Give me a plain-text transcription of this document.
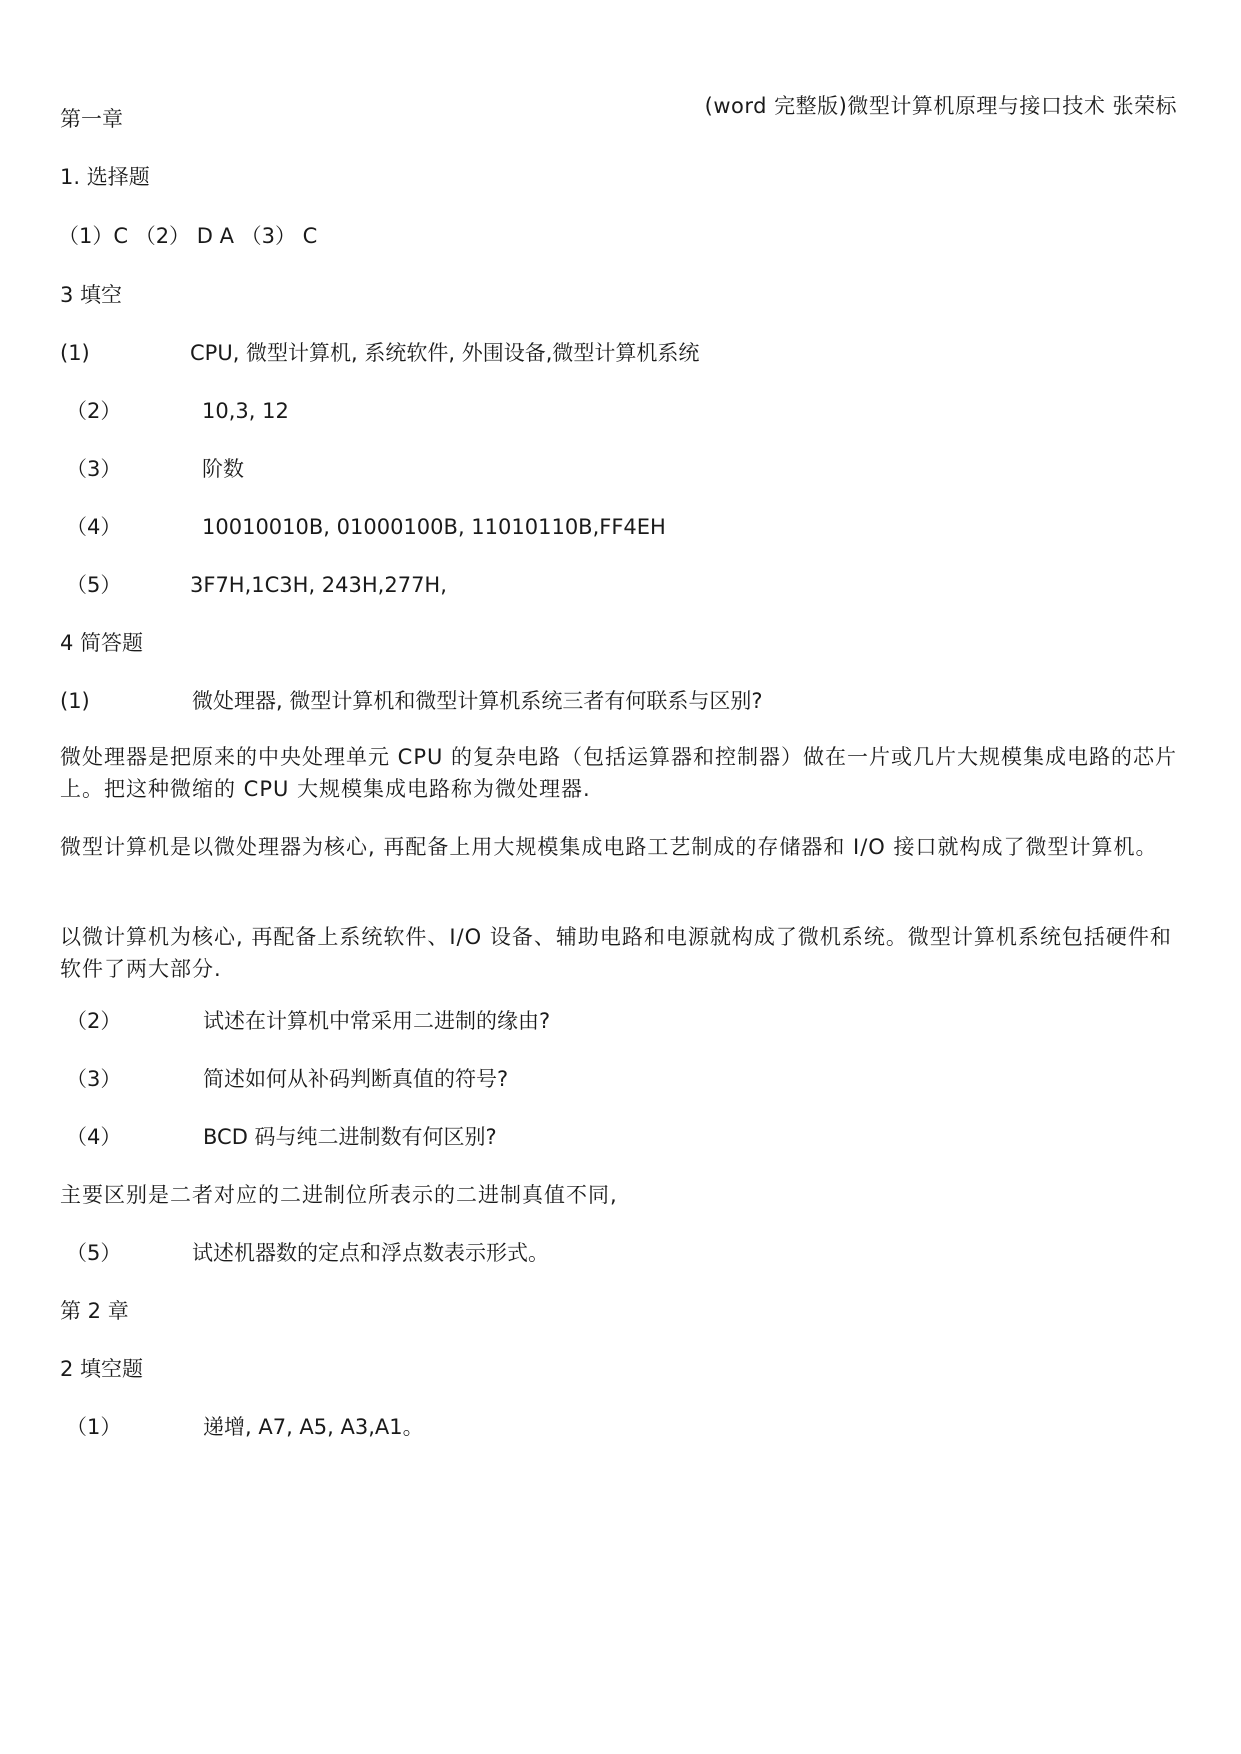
(word 完整版)微型计算机原理与接口技术 张荣标
第一章
1. 选择题
（1）C （2） D A （3） C
3 填空
(1)	CPU, 微型计算机, 系统软件, 外围设备,微型计算机系统
（2）	10,3, 12
（3）	阶数
（4）	10010010B, 01000100B, 11010110B,FF4EH
（5）	3F7H,1C3H, 243H,277H,
4 简答题
(1)	微处理器, 微型计算机和微型计算机系统三者有何联系与区别?
微处理器是把原来的中央处理单元 CPU 的复杂电路（包括运算器和控制器）做在一片或几片大规模集成电路的芯片上。把这种微缩的 CPU 大规模集成电路称为微处理器.
微型计算机是以微处理器为核心, 再配备上用大规模集成电路工艺制成的存储器和 I/O 接口就构成了微型计算机。
以微计算机为核心, 再配备上系统软件、I/O 设备、辅助电路和电源就构成了微机系统。微型计算机系统包括硬件和软件了两大部分.
（2）	试述在计算机中常采用二进制的缘由?
（3）	简述如何从补码判断真值的符号?
（4）	BCD 码与纯二进制数有何区别?
主要区别是二者对应的二进制位所表示的二进制真值不同,
（5）	试述机器数的定点和浮点数表示形式。
第 2 章
2 填空题
（1）	递增, A7, A5, A3,A1。
